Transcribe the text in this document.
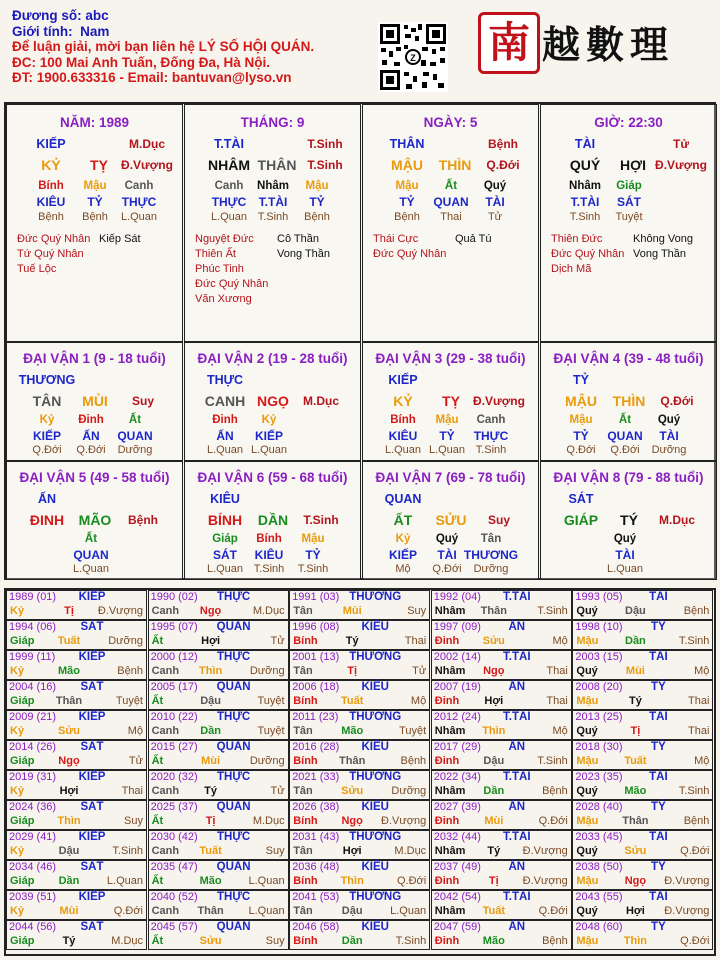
Đương số: abc
Giới tính: Nam
Để luận giải, mời bạn liên hệ LÝ SỐ HỘI QUÁN.
ĐC: 100 Mai Anh Tuấn, Đống Đa, Hà Nội.
ĐT: 1900.633316 - Email: bantuvan@lyso.vn
Z 南 越數理
NĂM: 1989
KIẾP	M.Dục
KỶ TỴ Đ.Vượng
Bính Mậu Canh
KIÊU TỶ THỰC
Bệnh Bệnh L.Quan
Đức Quý Nhân
Tứ Quý Nhân
Tuế Lộc
Kiếp Sát
THÁNG: 9
T.TÀI	T.Sinh
NHÂM THÂN T.Sinh
Canh Nhâm Mậu
THỰC T.TÀI TỶ
L.Quan T.Sinh Bệnh
Nguyệt Đức
Thiên Ất
Phúc Tinh
Đức Quý Nhân
Văn Xương
Cô Thần
Vong Thần
NGÀY: 5
THÂN	Bệnh
MẬU THÌN Q.Đới
Mậu Ất Quý
TỶ QUAN TÀI
Bệnh Thai Tử
Thái Cực
Đức Quý Nhân
Quả Tú
GIỜ: 22:30
TÀI	Tử
QUÝ HỢI Đ.Vượng
Nhâm Giáp
T.TÀI SÁT
T.Sinh Tuyệt
Thiên Đức
Đức Quý Nhân
Dịch Mã
Không Vong
Vong Thần
ĐẠI VẬN 1 (9 - 18 tuổi)
THƯƠNG
TÂN MÙI Suy
Kỷ Đinh Ất
KIẾP ẤN QUAN
Q.Đới Q.Đới Dưỡng
ĐẠI VẬN 2 (19 - 28 tuổi)
THỰC
CANH NGỌ M.Dục
Đinh Kỷ
ẤN KIẾP
L.Quan L.Quan
ĐẠI VẬN 3 (29 - 38 tuổi)
KIẾP
KỶ TỴ Đ.Vượng
Bính Mậu Canh
KIÊU TỶ THỰC
L.Quan L.Quan T.Sinh
ĐẠI VẬN 4 (39 - 48 tuổi)
TỶ
MẬU THÌN Q.Đới
Mậu Ất Quý
TỶ QUAN TÀI
Q.Đới Q.Đới Dưỡng
ĐẠI VẬN 5 (49 - 58 tuổi)
ẤN
ĐINH MÃO Bệnh
Ất
QUAN
L.Quan
ĐẠI VẬN 6 (59 - 68 tuổi)
KIÊU
BÍNH DẦN T.Sinh
Giáp Bính Mậu
SÁT KIÊU TỶ
L.Quan T.Sinh T.Sinh
ĐẠI VẬN 7 (69 - 78 tuổi)
QUAN
ẤT SỬU Suy
Kỷ Quý Tân
KIẾP TÀI THƯƠNG
Mộ Q.Đới Dưỡng
ĐẠI VẬN 8 (79 - 88 tuổi)
SÁT
GIÁP TÝ M.Dục
Quý
TÀI
L.Quan
1989 (01) KIẾP
Kỷ	Tị Đ.Vượng
1990 (02) THỰC
Canh Ngọ	M.Dục
1991 (03) THƯƠNG
Tân	Mùi	Suy
1992 (04) T.TÀI
Nhâm Thân	T.Sinh
1993 (05) TÀI
Quý Dậu	Bệnh
1994 (06) SÁT
Giáp Tuất	Dưỡng
1995 (07) QUAN
Ất	Hợi	Tử
1996 (08) KIÊU
Bính	Tý	Thai
1997 (09) ẤN
Đinh Sửu	Mộ
1998 (10) TỶ
Mậu Dần	T.Sinh
1999 (11) KIẾP
Kỷ	Mão	Bệnh
2000 (12) THỰC
Canh Thìn	Dưỡng
2001 (13) THƯƠNG
Tân	Tị	Tử
2002 (14) T.TÀI
Nhâm Ngọ	Thai
2003 (15) TÀI
Quý	Mùi	Mộ
2004 (16) SÁT
Giáp Thân	Tuyệt
2005 (17) QUAN
Ất	Dậu	Tuyệt
2006 (18) KIÊU
Bính Tuất	Mộ
2007 (19) ẤN
Đinh Hợi	Thai
2008 (20) TỶ
Mậu	Tý	Thai
2009 (21) KIẾP
Kỷ	Sửu	Mộ
2010 (22) THỰC
Canh Dần	Tuyệt
2011 (23) THƯƠNG
Tân	Mão	Tuyệt
2012 (24) T.TÀI
Nhâm Thìn	Mộ
2013 (25) TÀI
Quý	Tị	Thai
2014 (26) SÁT
Giáp Ngọ	Tử
2015 (27) QUAN
Ất	Mùi	Dưỡng
2016 (28) KIÊU
Bính Thân	Bệnh
2017 (29) ẤN
Đinh Dậu	T.Sinh
2018 (30) TỶ
Mậu Tuất	Mộ
2019 (31) KIẾP
Kỷ	Hợi	Thai
2020 (32) THỰC
Canh Tý	Tử
2021 (33) THƯƠNG
Tân	Sửu	Dưỡng
2022 (34) T.TÀI
Nhâm Dần	Bệnh
2023 (35) TÀI
Quý Mão	T.Sinh
2024 (36) SÁT
Giáp Thìn	Suy
2025 (37) QUAN
Ất	Tị	M.Dục
2026 (38) KIÊU
Bính Ngọ Đ.Vượng
2027 (39) ẤN
Đinh Mùi	Q.Đới
2028 (40) TỶ
Mậu Thân	Bệnh
2029 (41) KIẾP
Kỷ	Dậu	T.Sinh
2030 (42) THỰC
Canh Tuất	Suy
2031 (43) THƯƠNG
Tân	Hợi	M.Dục
2032 (44) T.TÀI
Nhâm Tý Đ.Vượng
2033 (45) TÀI
Quý Sửu	Q.Đới
2034 (46) SÁT
Giáp Dần	L.Quan
2035 (47) QUAN
Ất	Mão L.Quan
2036 (48) KIÊU
Bính Thìn	Q.Đới
2037 (49) ẤN
Đinh	Tị Đ.Vượng
2038 (50) TỶ
Mậu Ngọ Đ.Vượng
2039 (51) KIẾP
Kỷ	Mùi	Q.Đới
2040 (52) THỰC
Canh Thân L.Quan
2041 (53) THƯƠNG
Tân	Dậu	L.Quan
2042 (54) T.TÀI
Nhâm Tuất	Q.Đới
2043 (55) TÀI
Quý	Hợi Đ.Vượng
2044 (56) SÁT
Giáp	Tý	M.Dục
2045 (57) QUAN
Ất	Sửu	Suy
2046 (58) KIÊU
Bính Dần	T.Sinh
2047 (59) ẤN
Đinh Mão	Bệnh
2048 (60) TỶ
Mậu Thìn	Q.Đới
